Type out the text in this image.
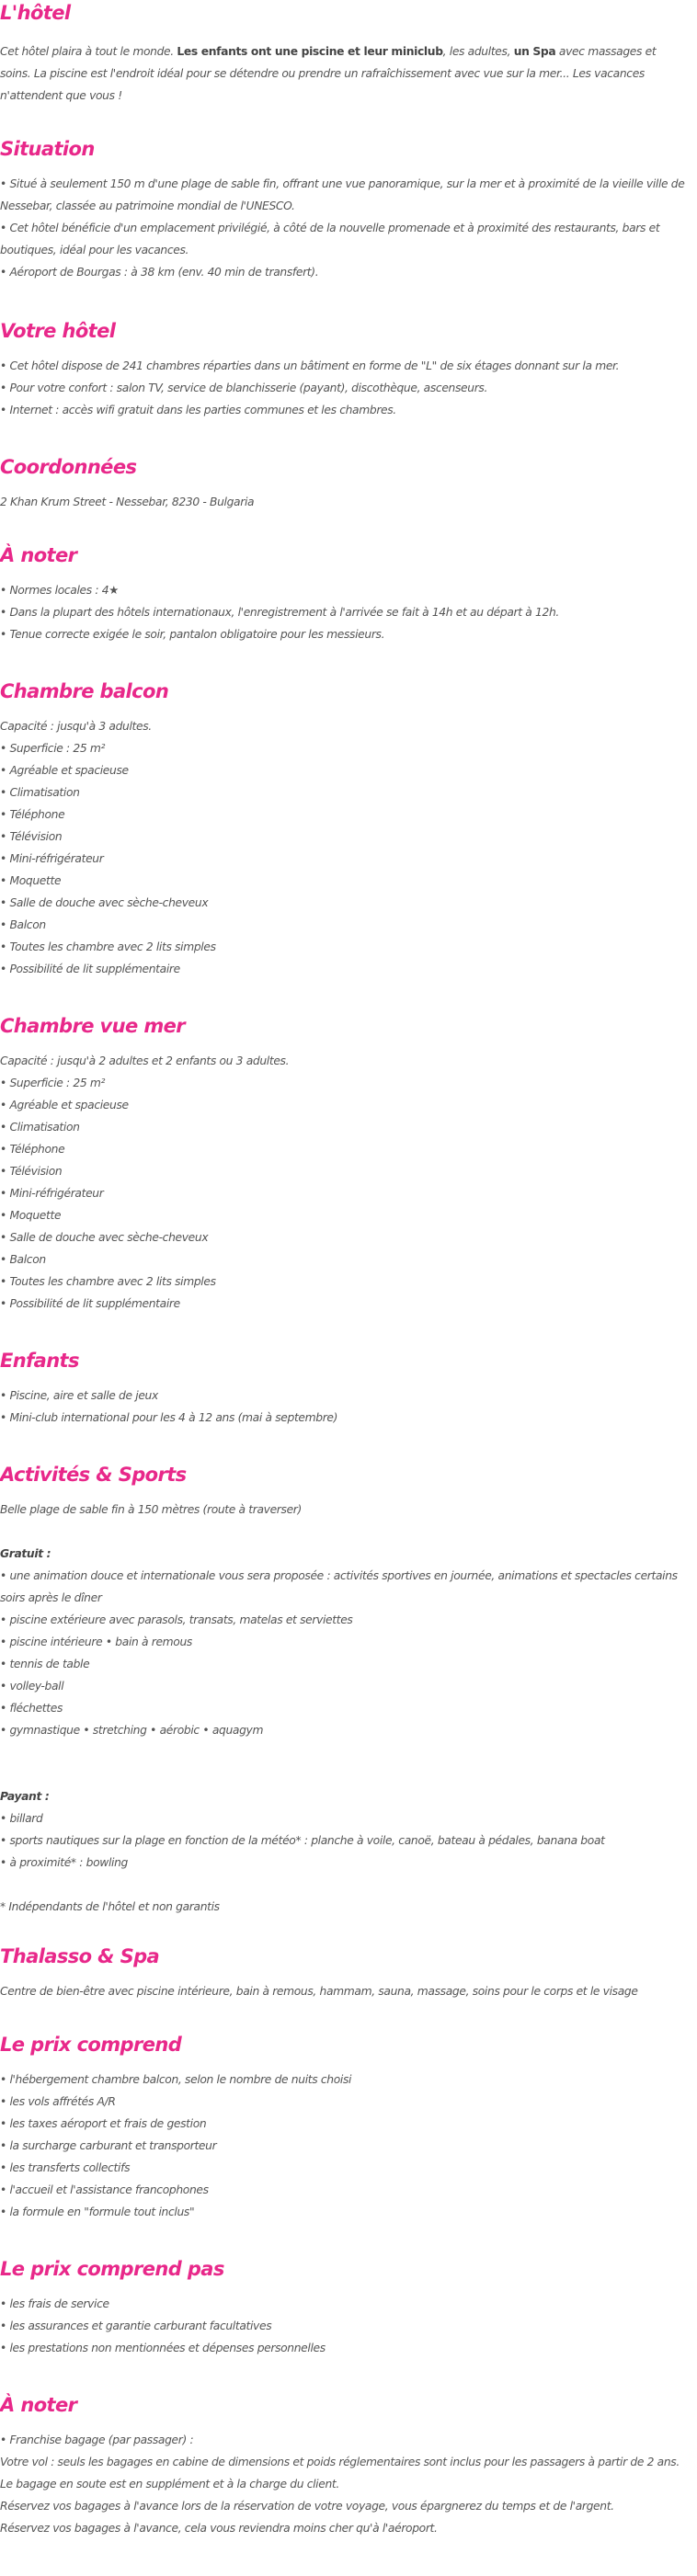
L'hôtel

Cet hôtel plaira à tout le monde. Les enfants ont une piscine et leur miniclub, les adultes, un Spa avec massages et soins. La piscine est l'endroit idéal pour se détendre ou prendre un rafraîchissement avec vue sur la mer... Les vacances n'attendent que vous !

Situation

• Situé à seulement 150 m d'une plage de sable fin, offrant une vue panoramique, sur la mer et à proximité de la vieille ville de Nessebar, classée au patrimoine mondial de l'UNESCO.
• Cet hôtel bénéficie d'un emplacement privilégié, à côté de la nouvelle promenade et à proximité des restaurants, bars et boutiques, idéal pour les vacances.
• Aéroport de Bourgas : à 38 km (env. 40 min de transfert).

Votre hôtel

• Cet hôtel dispose de 241 chambres réparties dans un bâtiment en forme de "L" de six étages donnant sur la mer.
• Pour votre confort : salon TV, service de blanchisserie (payant), discothèque, ascenseurs.
• Internet : accès wifi gratuit dans les parties communes et les chambres.

Coordonnées

2 Khan Krum Street - Nessebar, 8230 - Bulgaria

À noter

• Normes locales : 4★
• Dans la plupart des hôtels internationaux, l'enregistrement à l'arrivée se fait à 14h et au départ à 12h.
• Tenue correcte exigée le soir, pantalon obligatoire pour les messieurs.

Chambre balcon

Capacité : jusqu'à 3 adultes.
• Superficie : 25 m²
• Agréable et spacieuse
• Climatisation
• Téléphone
• Télévision
• Mini-réfrigérateur
• Moquette
• Salle de douche avec sèche-cheveux
• Balcon
• Toutes les chambre avec 2 lits simples
• Possibilité de lit supplémentaire

Chambre vue mer

Capacité : jusqu'à 2 adultes et 2 enfants ou 3 adultes.
• Superficie : 25 m²
• Agréable et spacieuse
• Climatisation
• Téléphone
• Télévision
• Mini-réfrigérateur
• Moquette
• Salle de douche avec sèche-cheveux
• Balcon
• Toutes les chambre avec 2 lits simples
• Possibilité de lit supplémentaire

Enfants

• Piscine, aire et salle de jeux
• Mini-club international pour les 4 à 12 ans (mai à septembre)

Activités & Sports

Belle plage de sable fin à 150 mètres (route à traverser)
Gratuit :
• une animation douce et internationale vous sera proposée : activités sportives en journée, animations et spectacles certains soirs après le dîner
• piscine extérieure avec parasols, transats, matelas et serviettes
• piscine intérieure • bain à remous
• tennis de table
• volley-ball
• fléchettes
• gymnastique • stretching • aérobic • aquagym
Payant :
• billard
• sports nautiques sur la plage en fonction de la météo* : planche à voile, canoë, bateau à pédales, banana boat
• à proximité* : bowling
* Indépendants de l'hôtel et non garantis

Thalasso & Spa

Centre de bien-être avec piscine intérieure, bain à remous, hammam, sauna, massage, soins pour le corps et le visage

Le prix comprend

• l'hébergement chambre balcon, selon le nombre de nuits choisi
• les vols affrétés A/R
• les taxes aéroport et frais de gestion
• la surcharge carburant et transporteur
• les transferts collectifs
• l'accueil et l'assistance francophones
• la formule en "formule tout inclus"

Le prix comprend pas

• les frais de service
• les assurances et garantie carburant facultatives
• les prestations non mentionnées et dépenses personnelles

À noter

• Franchise bagage (par passager) :
Votre vol : seuls les bagages en cabine de dimensions et poids réglementaires sont inclus pour les passagers à partir de 2 ans.
Le bagage en soute est en supplément et à la charge du client.
Réservez vos bagages à l'avance lors de la réservation de votre voyage, vous épargnerez du temps et de l'argent.
Réservez vos bagages à l'avance, cela vous reviendra moins cher qu'à l'aéroport.
